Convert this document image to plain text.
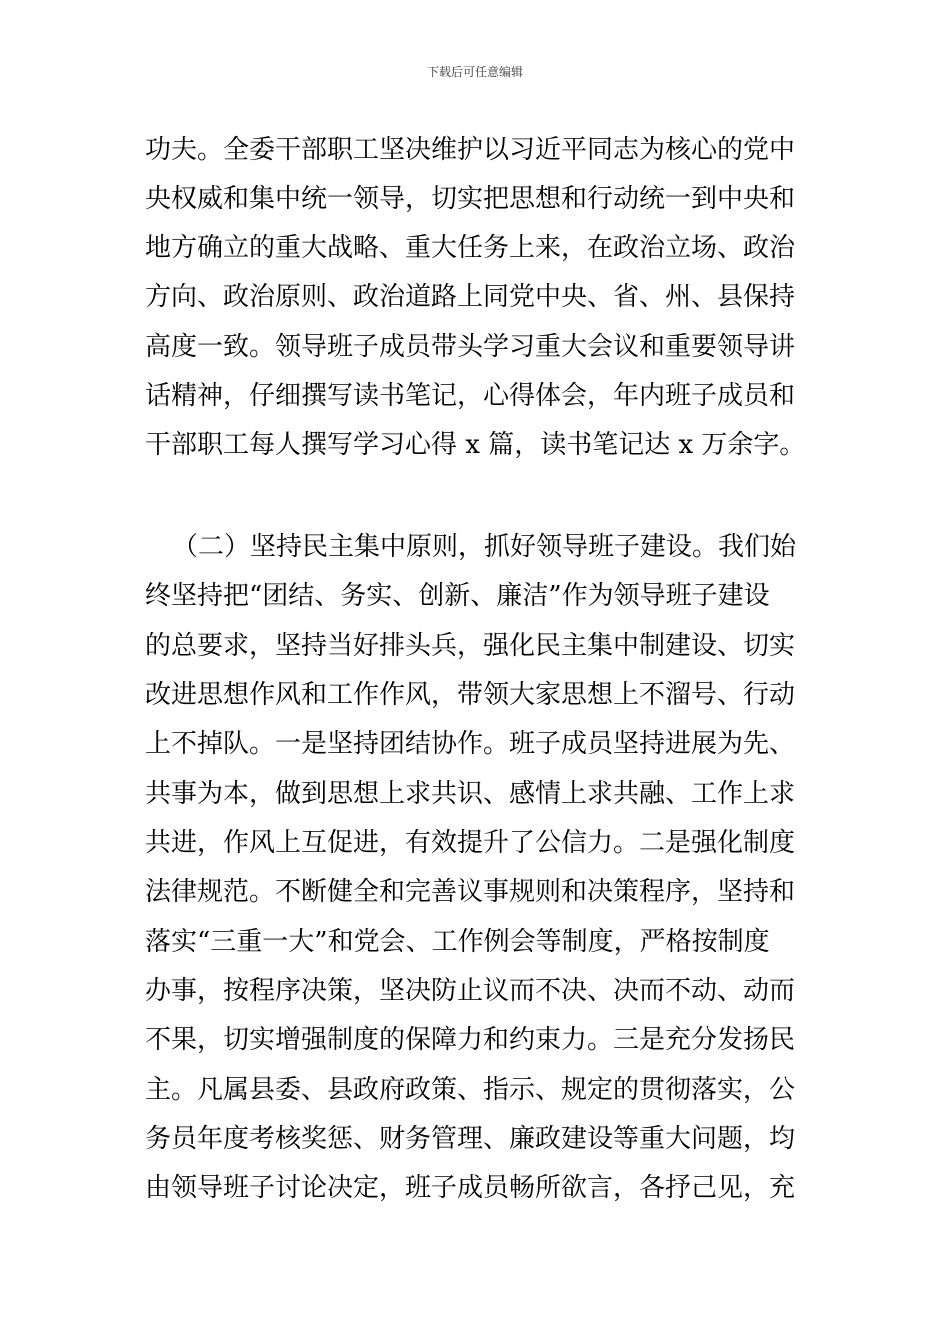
下载后可任意编辑
功夫。全委干部职工坚决维护以习近平同志为核心的党中
央权威和集中统一领导，切实把思想和行动统一到中央和
地方确立的重大战略、重大任务上来，在政治立场、政治
方向、政治原则、政治道路上同党中央、省、州、县保持
高度一致。领导班子成员带头学习重大会议和重要领导讲
话精神，仔细撰写读书笔记，心得体会，年内班子成员和
干部职工每人撰写学习心得 x 篇，读书笔记达 x 万余字。
（二）坚持民主集中原则，抓好领导班子建设。我们始
终坚持把“团结、务实、创新、廉洁”作为领导班子建设
的总要求，坚持当好排头兵，强化民主集中制建设、切实
改进思想作风和工作作风，带领大家思想上不溜号、行动
上不掉队。一是坚持团结协作。班子成员坚持进展为先、
共事为本，做到思想上求共识、感情上求共融、工作上求
共进，作风上互促进，有效提升了公信力。二是强化制度
法律规范。不断健全和完善议事规则和决策程序，坚持和
落实“三重一大”和党会、工作例会等制度，严格按制度
办事，按程序决策，坚决防止议而不决、决而不动、动而
不果，切实增强制度的保障力和约束力。三是充分发扬民
主。凡属县委、县政府政策、指示、规定的贯彻落实，公
务员年度考核奖惩、财务管理、廉政建设等重大问题，均
由领导班子讨论决定，班子成员畅所欲言，各抒己见，充
